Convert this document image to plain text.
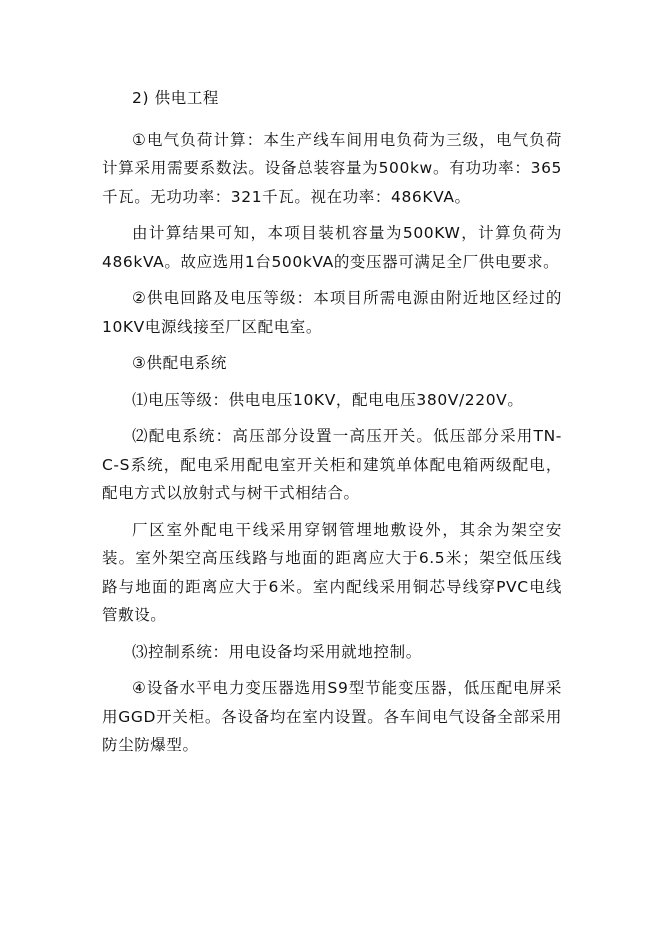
2) 供电工程

①电气负荷计算：本生产线车间用电负荷为三级，电气负荷计算采用需要系数法。设备总装容量为500kw。有功功率：365千瓦。无功功率：321千瓦。视在功率：486KVA。

由计算结果可知，本项目装机容量为500KW，计算负荷为486kVA。故应选用1台500kVA的变压器可满足全厂供电要求。

②供电回路及电压等级：本项目所需电源由附近地区经过的10KV电源线接至厂区配电室。

③供配电系统

⑴电压等级：供电电压10KV，配电电压380V/220V。

⑵配电系统：高压部分设置一高压开关。低压部分采用TN-C-S系统，配电采用配电室开关柜和建筑单体配电箱两级配电，配电方式以放射式与树干式相结合。

厂区室外配电干线采用穿钢管埋地敷设外，其余为架空安装。室外架空高压线路与地面的距离应大于6.5米；架空低压线路与地面的距离应大于6米。室内配线采用铜芯导线穿PVC电线管敷设。

⑶控制系统：用电设备均采用就地控制。

④设备水平电力变压器选用S9型节能变压器，低压配电屏采用GGD开关柜。各设备均在室内设置。各车间电气设备全部采用防尘防爆型。
